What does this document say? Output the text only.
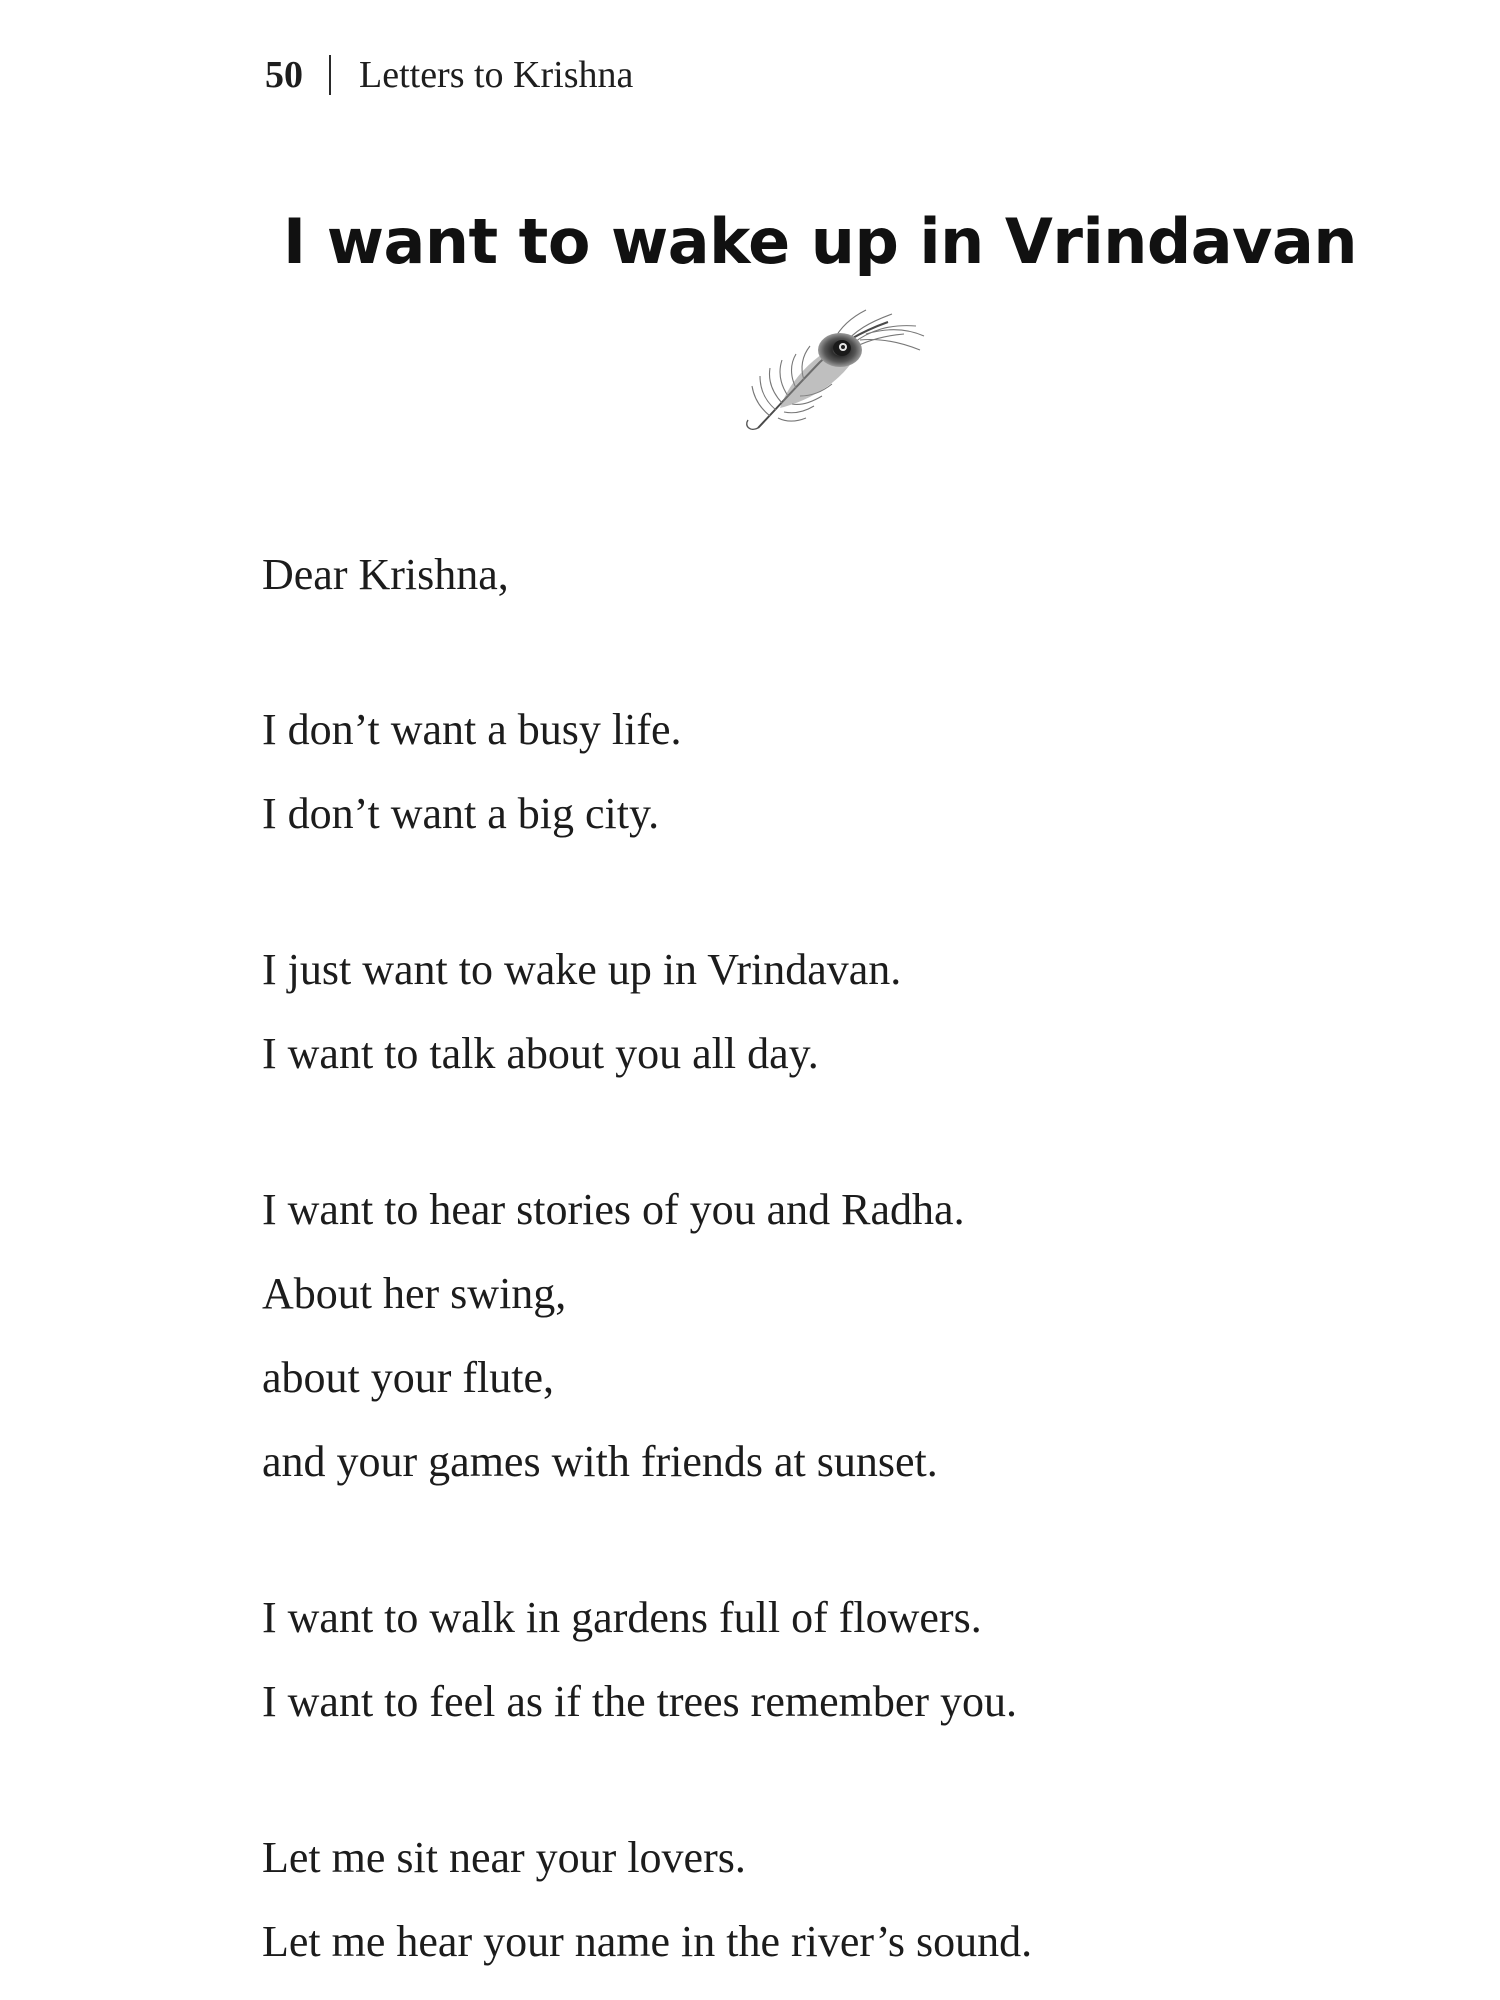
50 Letters to Krishna
I want to wake up in Vrindavan
Dear Krishna,
I don’t want a busy life.
I don’t want a big city.
I just want to wake up in Vrindavan.
I want to talk about you all day.
I want to hear stories of you and Radha.
About her swing,
about your flute,
and your games with friends at sunset.
I want to walk in gardens full of flowers.
I want to feel as if the trees remember you.
Let me sit near your lovers.
Let me hear your name in the river’s sound.
